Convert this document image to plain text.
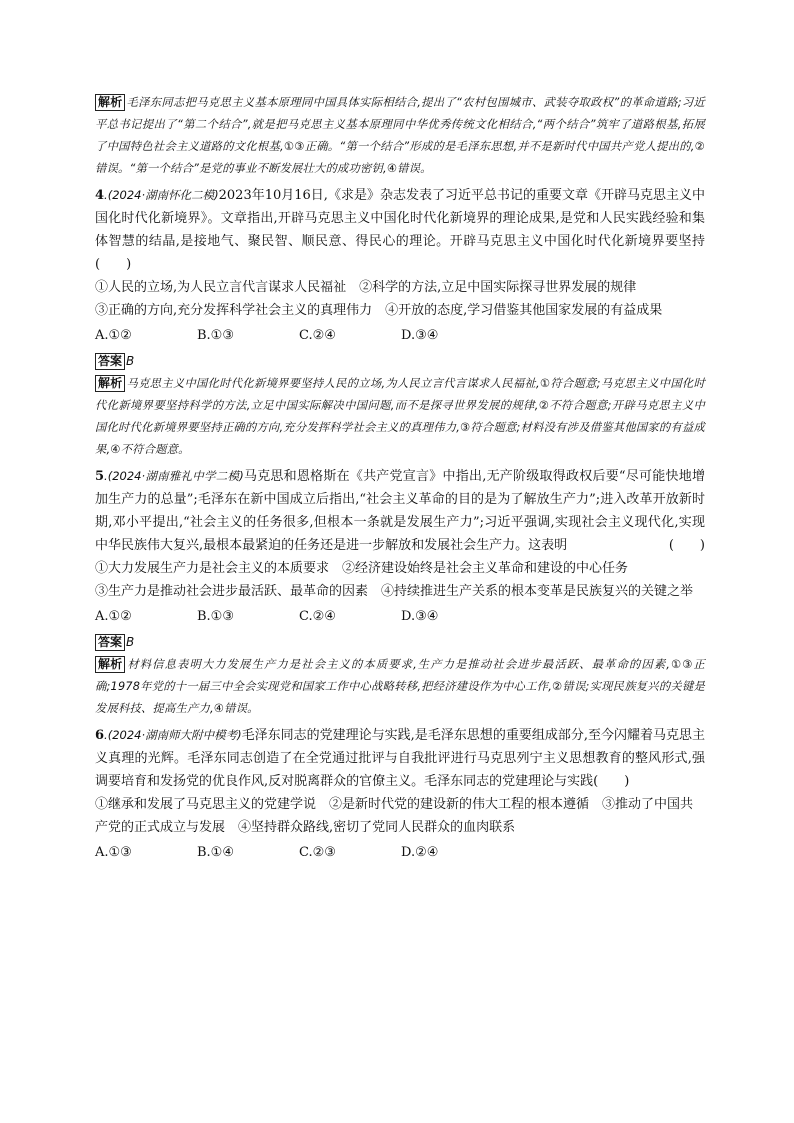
解析 毛泽东同志把马克思主义基本原理同中国具体实际相结合,提出了“农村包围城市、武装夺取政权”的革命道路;习近平总书记提出了“第二个结合”,就是把马克思主义基本原理同中华优秀传统文化相结合,“两个结合”筑牢了道路根基,拓展了中国特色社会主义道路的文化根基,①③正确。“第一个结合”形成的是毛泽东思想,并不是新时代中国共产党人提出的,②错误。“第一个结合”是党的事业不断发展壮大的成功密钥,④错误。

4.(2024·湖南怀化二模)2023年10月16日,《求是》杂志发表了习近平总书记的重要文章《开辟马克思主义中国化时代化新境界》。文章指出,开辟马克思主义中国化时代化新境界的理论成果,是党和人民实践经验和集体智慧的结晶,是接地气、聚民智、顺民意、得民心的理论。开辟马克思主义中国化时代化新境界要坚持(　　)

①人民的立场,为人民立言代言谋求人民福祉　②科学的方法,立足中国实际探寻世界发展的规律

③正确的方向,充分发挥科学社会主义的真理伟力　④开放的态度,学习借鉴其他国家发展的有益成果

A.①②	B.①③	C.②④	D.③④

答案 B

解析 马克思主义中国化时代化新境界要坚持人民的立场,为人民立言代言谋求人民福祉,①符合题意;马克思主义中国化时代化新境界要坚持科学的方法,立足中国实际解决中国问题,而不是探寻世界发展的规律,②不符合题意;开辟马克思主义中国化时代化新境界要坚持正确的方向,充分发挥科学社会主义的真理伟力,③符合题意;材料没有涉及借鉴其他国家的有益成果,④不符合题意。

5.(2024·湖南雅礼中学二模)马克思和恩格斯在《共产党宣言》中指出,无产阶级取得政权后要“尽可能快地增加生产力的总量”;毛泽东在新中国成立后指出,“社会主义革命的目的是为了解放生产力”;进入改革开放新时期,邓小平提出,“社会主义的任务很多,但根本一条就是发展生产力”;习近平强调,实现社会主义现代化,实现中华民族伟大复兴,最根本最紧迫的任务还是进一步解放和发展社会生产力。这表明	(　　)

①大力发展生产力是社会主义的本质要求　②经济建设始终是社会主义革命和建设的中心任务

③生产力是推动社会进步最活跃、最革命的因素　④持续推进生产关系的根本变革是民族复兴的关键之举

A.①②	B.①③	C.②④	D.③④

答案 B

解析 材料信息表明大力发展生产力是社会主义的本质要求,生产力是推动社会进步最活跃、最革命的因素,①③正确;1978年党的十一届三中全会实现党和国家工作中心战略转移,把经济建设作为中心工作,②错误;实现民族复兴的关键是发展科技、提高生产力,④错误。

6.(2024·湖南师大附中模考)毛泽东同志的党建理论与实践,是毛泽东思想的重要组成部分,至今闪耀着马克思主义真理的光辉。毛泽东同志创造了在全党通过批评与自我批评进行马克思列宁主义思想教育的整风形式,强调要培育和发扬党的优良作风,反对脱离群众的官僚主义。毛泽东同志的党建理论与实践(　　)

①继承和发展了马克思主义的党建学说　②是新时代党的建设新的伟大工程的根本遵循　③推动了中国共产党的正式成立与发展　④坚持群众路线,密切了党同人民群众的血肉联系

A.①③	B.①④	C.②③	D.②④
